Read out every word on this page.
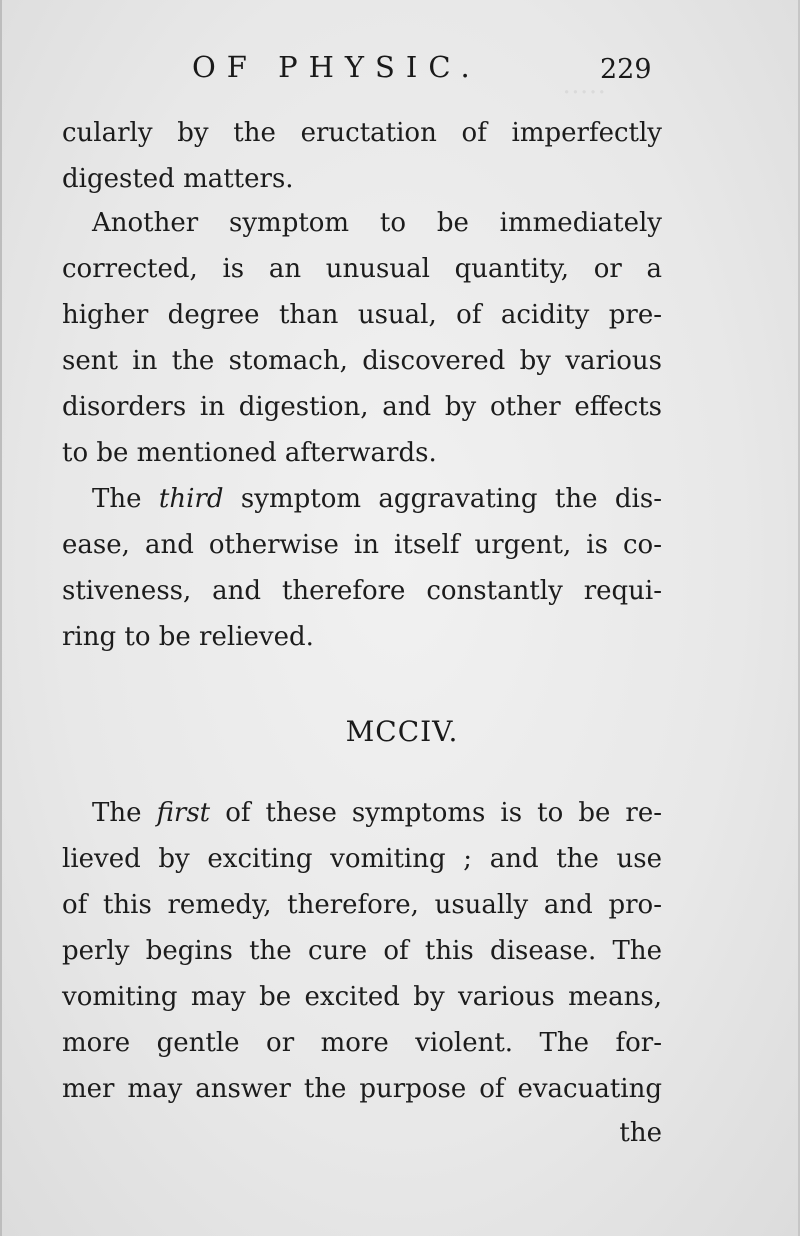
·····
OF PHYSIC.	229
cularly by the eructation of imperfectly
digested matters.
Another symptom to be immediately
corrected, is an unusual quantity, or a
higher degree than usual, of acidity pre-
sent in the stomach, discovered by various
disorders in digestion, and by other effects
to be mentioned afterwards.
The third symptom aggravating the dis-
ease, and otherwise in itself urgent, is co-
stiveness, and therefore constantly requi-
ring to be relieved.
MCCIV.
The first of these symptoms is to be re-
lieved by exciting vomiting ; and the use
of this remedy, therefore, usually and pro-
perly begins the cure of this disease. The
vomiting may be excited by various means,
more gentle or more violent. The for-
mer may answer the purpose of evacuating
the
